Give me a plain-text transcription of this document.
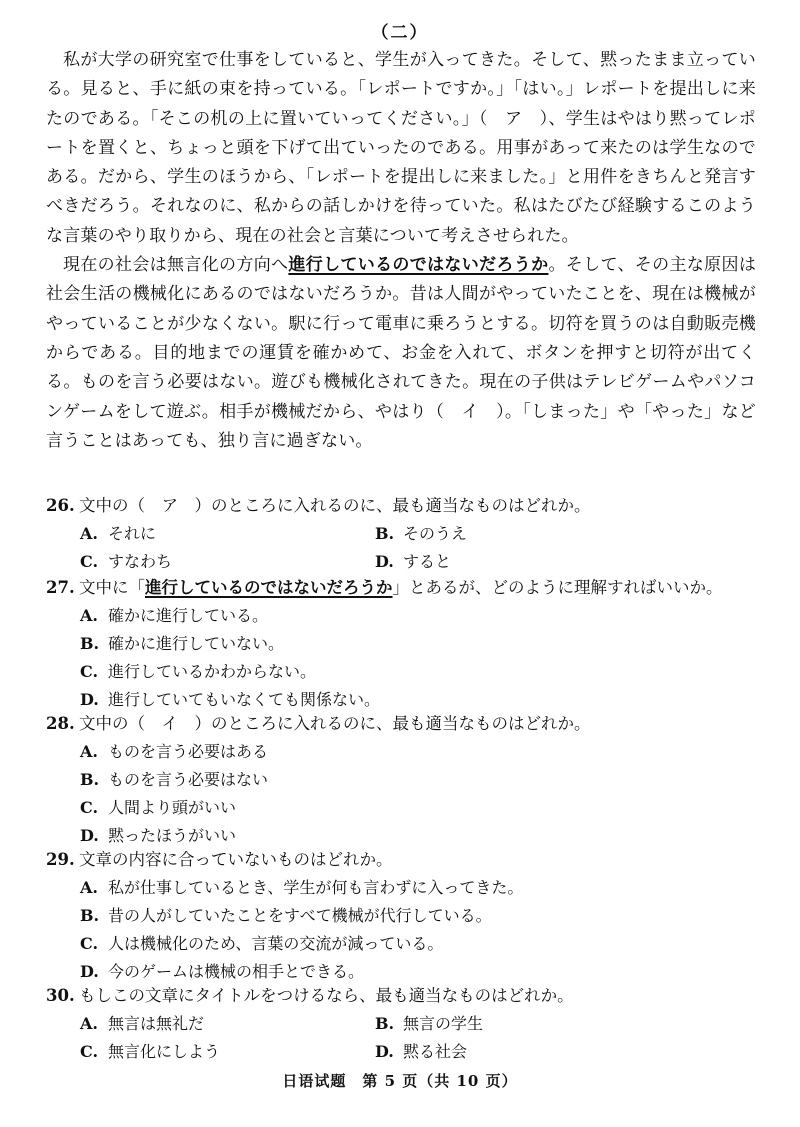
（二）

私が大学の研究室で仕事をしていると、学生が入ってきた。そして、黙ったまま立っている。見ると、手に紙の束を持っている。「レポートですか。」「はい。」レポートを提出しに来たのである。「そこの机の上に置いていってください。」（　ア　）、学生はやはり黙ってレポートを置くと、ちょっと頭を下げて出ていったのである。用事があって来たのは学生なのである。だから、学生のほうから、「レポートを提出しに来ました。」と用件をきちんと発言すべきだろう。それなのに、私からの話しかけを待っていた。私はたびたび経験するこのような言葉のやり取りから、現在の社会と言葉について考えさせられた。

現在の社会は無言化の方向へ進行しているのではないだろうか。そして、その主な原因は社会生活の機械化にあるのではないだろうか。昔は人間がやっていたことを、現在は機械がやっていることが少なくない。駅に行って電車に乗ろうとする。切符を買うのは自動販売機からである。目的地までの運賃を確かめて、お金を入れて、ボタンを押すと切符が出てくる。ものを言う必要はない。遊びも機械化されてきた。現在の子供はテレビゲームやパソコンゲームをして遊ぶ。相手が機械だから、やはり（　イ　）。「しまった」や「やった」など言うことはあっても、独り言に過ぎない。

26. 文中の（　ア　）のところに入れるのに、最も適当なものはどれか。
A. それに	B. そのうえ
C. すなわち	D. すると
27. 文中に「進行しているのではないだろうか」とあるが、どのように理解すればいいか。
A. 確かに進行している。
B. 確かに進行していない。
C. 進行しているかわからない。
D. 進行していてもいなくても関係ない。
28. 文中の（　イ　）のところに入れるのに、最も適当なものはどれか。
A. ものを言う必要はある
B. ものを言う必要はない
C. 人間より頭がいい
D. 黙ったほうがいい
29. 文章の内容に合っていないものはどれか。
A. 私が仕事しているとき、学生が何も言わずに入ってきた。
B. 昔の人がしていたことをすべて機械が代行している。
C. 人は機械化のため、言葉の交流が減っている。
D. 今のゲームは機械の相手とできる。
30. もしこの文章にタイトルをつけるなら、最も適当なものはどれか。
A. 無言は無礼だ	B. 無言の学生
C. 無言化にしよう	D. 黙る社会
日语试题　第 5 页（共 10 页）
